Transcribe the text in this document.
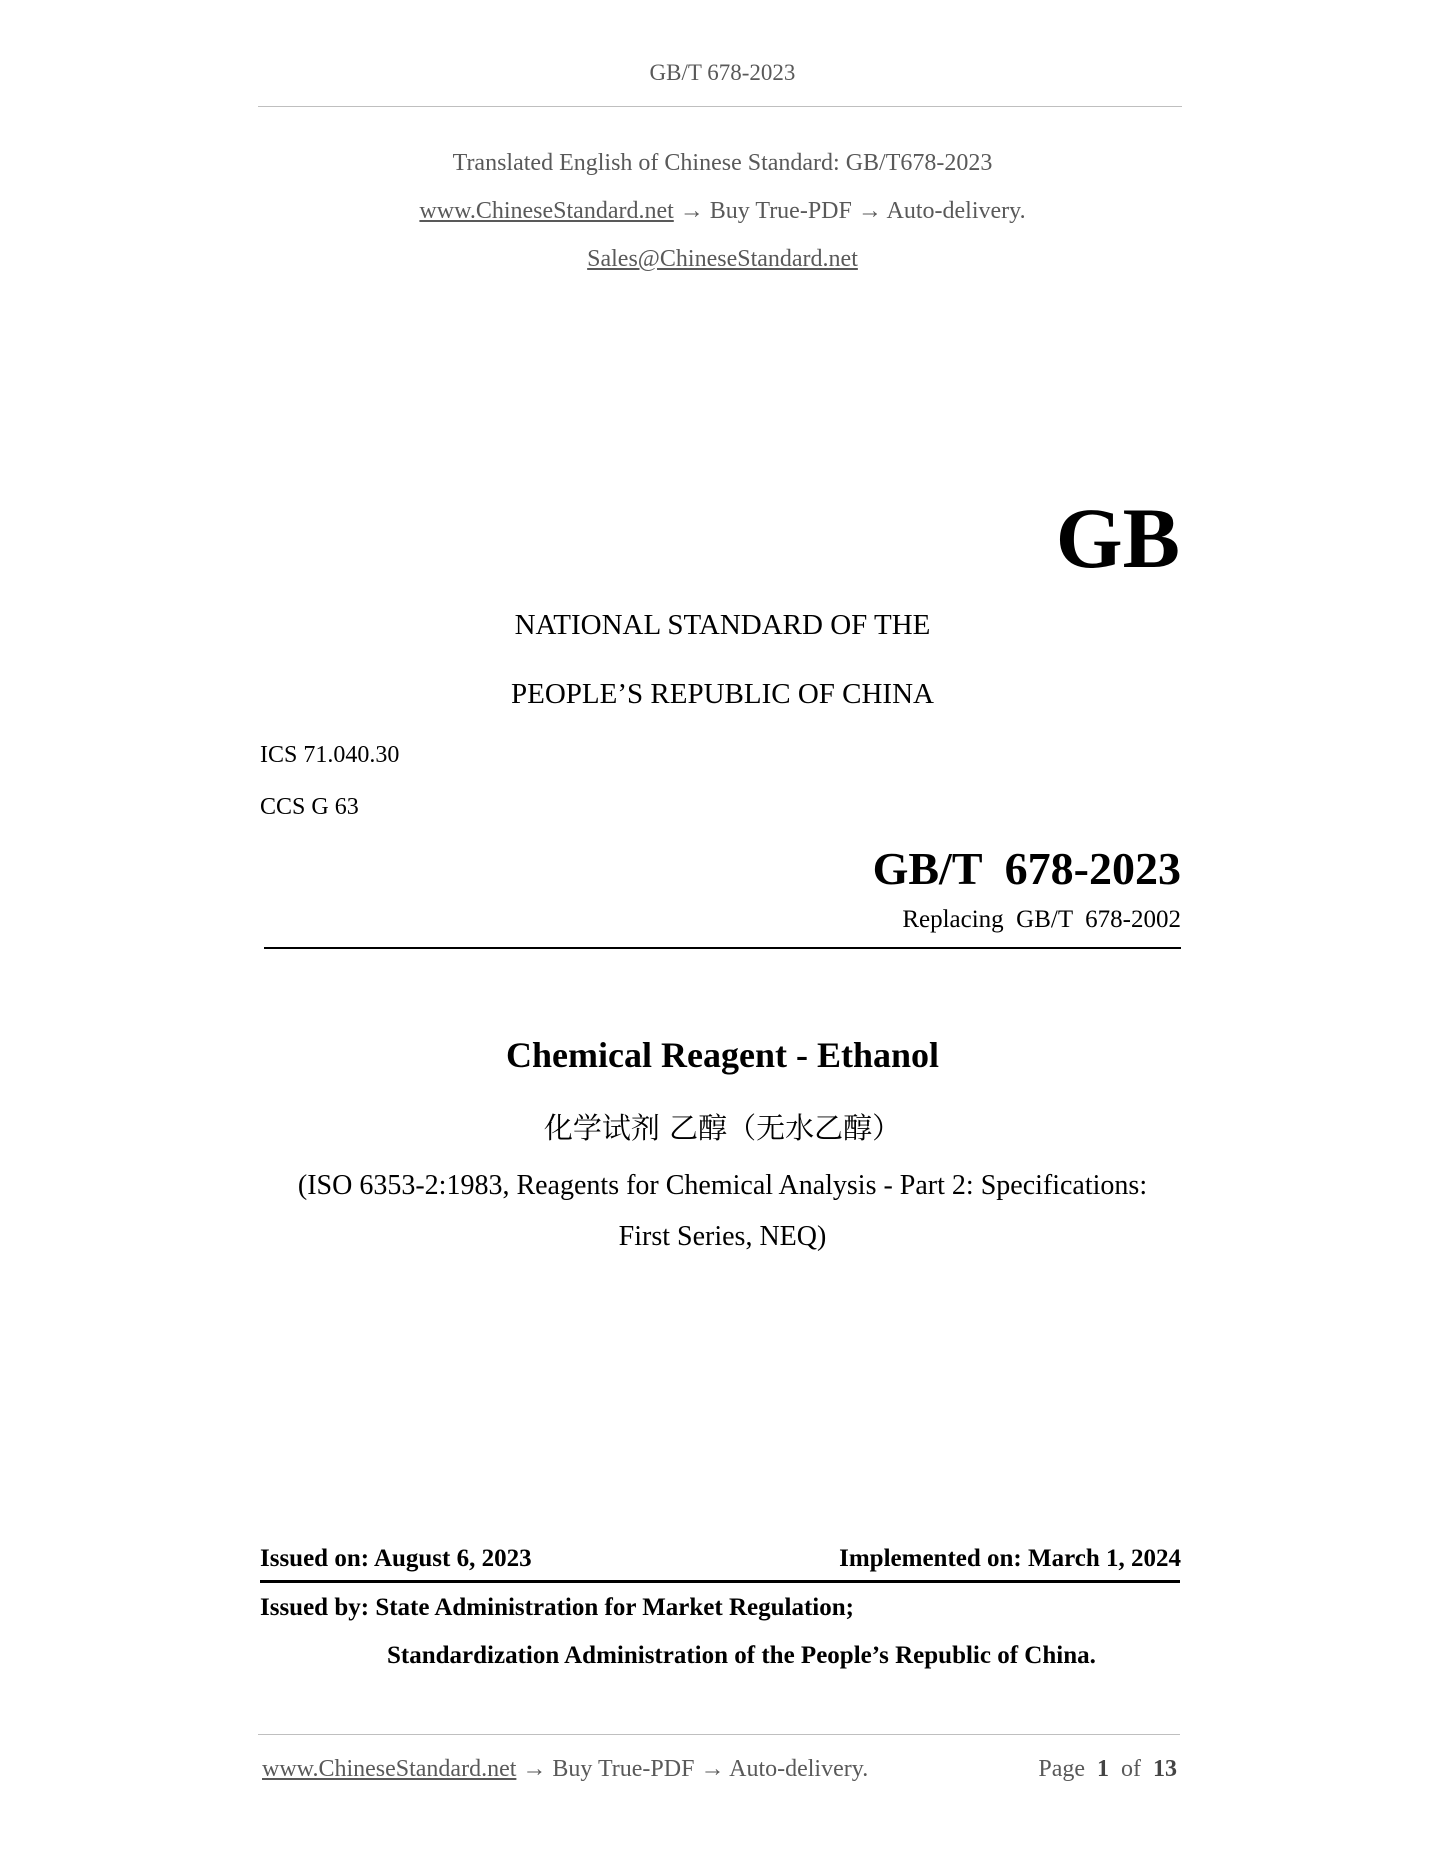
GB/T 678-2023
Translated English of Chinese Standard: GB/T678-2023
www.ChineseStandard.net → Buy True-PDF → Auto-delivery.
Sales@ChineseStandard.net
GB
NATIONAL STANDARD OF THE
PEOPLE’S REPUBLIC OF CHINA
ICS 71.040.30
CCS G 63
GB/T  678-2023
Replacing  GB/T  678-2002
Chemical Reagent - Ethanol
化学试剂 乙醇（无水乙醇）
(ISO 6353-2:1983, Reagents for Chemical Analysis - Part 2: Specifications:
First Series, NEQ)
Issued on: August 6, 2023	Implemented on: March 1, 2024
Issued by: State Administration for Market Regulation;
Standardization Administration of the People’s Republic of China.
www.ChineseStandard.net → Buy True-PDF → Auto-delivery.	Page 1 of 13
